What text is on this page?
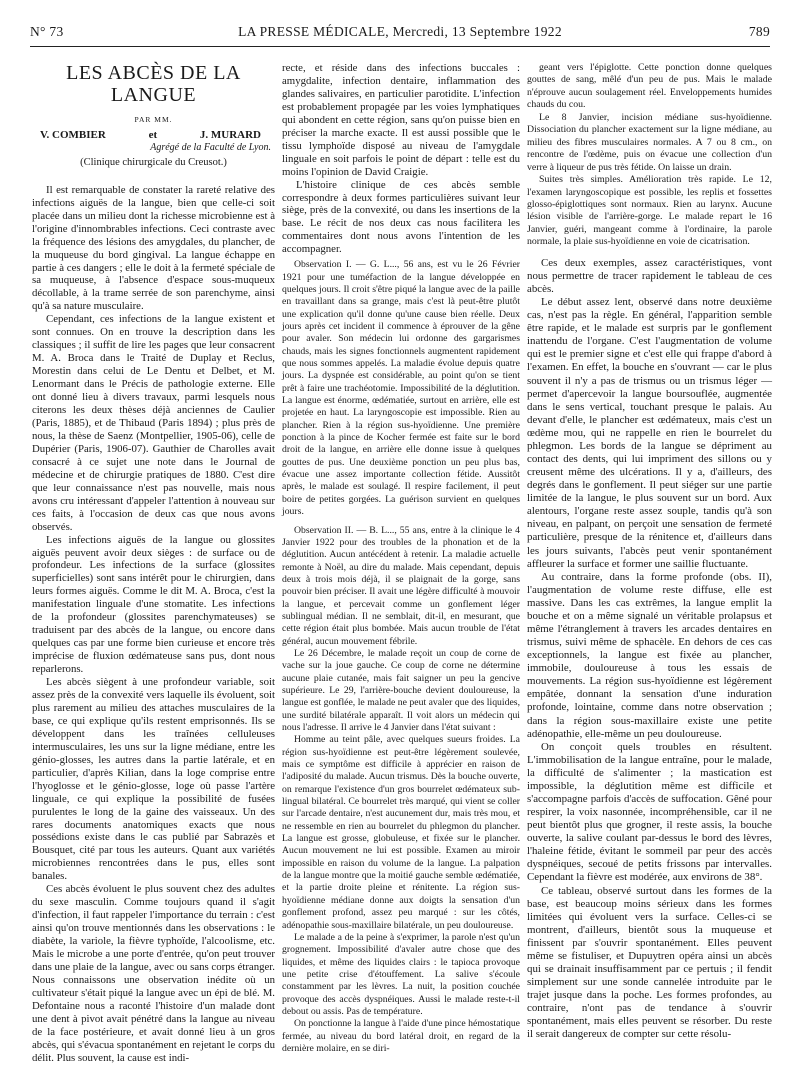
N° 73	LA PRESSE MÉDICALE, Mercredi, 13 Septembre 1922	789
LES ABCÈS DE LA LANGUE
PAR MM.
V. COMBIER	et	J. MURARD
Agrégé de la Faculté de Lyon.
(Clinique chirurgicale du Creusot.)

Il est remarquable de constater la rareté relative des infections aiguës de la langue, bien que celle-ci soit placée dans un milieu dont la richesse microbienne est à l'origine d'innombrables infections. Ceci contraste avec la fréquence des lésions des amygdales, du plancher, de la muqueuse du bord gingival. La langue échappe en partie à ces dangers ; elle le doit à la fermeté spéciale de sa muqueuse, à l'absence d'espace sous-muqueux décollable, à la trame serrée de son parenchyme, ainsi qu'à sa nature musculaire.

Cependant, ces infections de la langue existent et sont connues. On en trouve la description dans les classiques ; il suffit de lire les pages que leur consacrent M. A. Broca dans le Traité de Duplay et Reclus, Morestin dans celui de Le Dentu et Delbet, et M. Lenormant dans le Précis de pathologie externe. Elle ont donné lieu à divers travaux, parmi lesquels nous citerons les deux thèses déjà anciennes de Caulier (Paris, 1885), et de Thibaud (Paris 1894) ; plus près de nous, la thèse de Saenz (Montpellier, 1905-06), celle de Dupérier (Paris, 1906-07). Gauthier de Charolles avait consacré à ce sujet une note dans le Journal de médecine et de chirurgie pratiques de 1880. C'est dire que leur connaissance n'est pas nouvelle, mais nous avons cru intéressant d'appeler l'attention à nouveau sur ces faits, à l'occasion de deux cas que nous avons observés.

Les infections aiguës de la langue ou glossites aiguës peuvent avoir deux sièges : de surface ou de profondeur. Les infections de la surface (glossites superficielles) sont sans intérêt pour le chirurgien, dans leurs formes aiguës. Comme le dit M. A. Broca, c'est la manifestation linguale d'une stomatite. Les infections de la profondeur (glossites parenchymateuses) se traduisent par des abcès de la langue, ou encore dans quelques cas par une forme bien curieuse et encore très imprécise de fluxion œdémateuse sans pus, dont nous reparlerons.

Les abcès siègent à une profondeur variable, soit assez près de la convexité vers laquelle ils évoluent, soit plus rarement au milieu des attaches musculaires de la base, ce qui explique qu'ils restent emprisonnés. Ils se développent dans les traînées celluleuses intermusculaires, les uns sur la ligne médiane, entre les génio-glosses, les autres dans la partie latérale, et en particulier, d'après Kilian, dans la loge comprise entre l'hyoglosse et le génio-glosse, loge où passe l'artère linguale, ce qui explique la possibilité de fusées purulentes le long de la gaine des vaisseaux. Un des rares documents anatomiques exacts que nous possédions existe dans le cas publié par Sabrazès et Bousquet, cité par tous les auteurs. Quant aux variétés microbiennes rencontrées dans le pus, elles sont banales.

Ces abcès évoluent le plus souvent chez des adultes du sexe masculin. Comme toujours quand il s'agit d'infection, il faut rappeler l'importance du terrain : c'est ainsi qu'on trouve mentionnés dans les observations : le diabète, la variole, la fièvre typhoïde, l'alcoolisme, etc. Mais le microbe a une porte d'entrée, qu'on peut trouver dans une plaie de la langue, avec ou sans corps étranger. Nous connaissons une observation inédite où un cultivateur s'était piqué la langue avec un épi de blé. M. Defontaine nous a raconté l'histoire d'un malade dont une dent à pivot avait pénétré dans la langue au niveau de la face postérieure, et avait donné lieu à un gros abcès, qui s'évacua spontanément en rejetant le corps du délit. Plus souvent, la cause est indi-

recte, et réside dans des infections buccales : amygdalite, infection dentaire, inflammation des glandes salivaires, en particulier parotidite. L'infection est probablement propagée par les voies lymphatiques qui abondent en cette région, sans qu'on puisse bien en préciser la marche exacte. Il est aussi possible que le tissu lymphoïde disposé au niveau de l'amygdale linguale en soit parfois le point de départ : telle est du moins l'opinion de David Craigie.

L'histoire clinique de ces abcès semble correspondre à deux formes particulières suivant leur siège, près de la convexité, ou dans les insertions de la base. Le récit de nos deux cas nous facilitera les commentaires dont nous avons l'intention de les accompagner.

Observation I. — G. L..., 56 ans, est vu le 26 Février 1921 pour une tuméfaction de la langue développée en quelques jours. Il croit s'être piqué la langue avec de la paille en travaillant dans sa grange, mais c'est là peut-être plutôt une explication qu'il donne qu'une cause bien réelle. Deux jours après cet incident il commence à éprouver de la gêne pour avaler. Son médecin lui ordonne des gargarismes chauds, mais les signes fonctionnels augmentent rapidement que nous sommes appelés. La maladie évolue depuis quatre jours. La dyspnée est considérable, au point qu'on se tient prêt à faire une trachéotomie. Impossibilité de la déglutition. La langue est énorme, œdématiée, surtout en arrière, elle est projetée en haut. La laryngoscopie est impossible. Rien au plancher. Rien à la région sus-hyoïdienne. Une première ponction à la pince de Kocher fermée est faite sur le bord droit de la langue, en arrière elle donne issue à quelques gouttes de pus. Une deuxième ponction un peu plus bas, évacue une assez importante collection fétide. Aussitôt après, le malade est soulagé. Il respire facilement, il peut boire de petites gorgées. La guérison survient en quelques jours.

Observation II. — B. L..., 55 ans, entre à la clinique le 4 Janvier 1922 pour des troubles de la phonation et de la déglutition. Aucun antécédent à retenir. La maladie actuelle remonte à Noël, au dire du malade. Mais cependant, depuis deux à trois mois déjà, il se plaignait de la gorge, sans pouvoir bien préciser. Il avait une légère difficulté à mouvoir la langue, et percevait comme un gonflement léger sublingual médian. Il ne semblait, dit-il, en mesurant, que cette région était plus bombée. Mais aucun trouble de l'état général, aucun mouvement fébrile.

Le 26 Décembre, le malade reçoit un coup de corne de vache sur la joue gauche. Ce coup de corne ne détermine aucune plaie cutanée, mais fait saigner un peu la gencive supérieure. Le 29, l'arrière-bouche devient douloureuse, la langue est gonflée, le malade ne peut avaler que des liquides, une surdité bilatérale apparaît. Il voit alors un médecin qui nous l'adresse. Il arrive le 4 Janvier dans l'état suivant :

Homme au teint pâle, avec quelques sueurs froides. La région sus-hyoïdienne est peut-être légèrement soulevée, mais ce symptôme est difficile à apprécier en raison de l'adiposité du malade. Aucun trismus. Dès la bouche ouverte, on remarque l'existence d'un gros bourrelet œdémateux sub-lingual bilatéral. Ce bourrelet très marqué, qui vient se coller sur l'arcade dentaire, n'est aucunement dur, mais très mou, et ne ressemble en rien au bourrelet du phlegmon du plancher. La langue est grosse, globuleuse, et fixée sur le plancher. Aucun mouvement ne lui est possible. Examen au miroir impossible en raison du volume de la langue. La palpation de la langue montre que la moitié gauche semble œdématiée, et la partie droite pleine et rénitente. La région sus-hyoïdienne médiane donne aux doigts la sensation d'un gonflement profond, assez peu marqué : sur les côtés, adénopathie sous-maxillaire bilatérale, un peu douloureuse.

Le malade a de la peine à s'exprimer, la parole n'est qu'un grognement. Impossibilité d'avaler autre chose que des liquides, et même des liquides clairs : le tapioca provoque une petite crise d'étouffement. La salive s'écoule constamment par les lèvres. La nuit, la position couchée provoque des accès dyspnéiques. Aussi le malade reste-t-il debout ou assis. Pas de température.

On ponctionne la langue à l'aide d'une pince hémostatique fermée, au niveau du bord latéral droit, en regard de la dernière molaire, en se diri-

geant vers l'épiglotte. Cette ponction donne quelques gouttes de sang, mêlé d'un peu de pus. Mais le malade n'éprouve aucun soulagement réel. Enveloppements humides chauds du cou.

Le 8 Janvier, incision médiane sus-hyoïdienne. Dissociation du plancher exactement sur la ligne médiane, au milieu des fibres musculaires normales. A 7 ou 8 cm., on rencontre de l'œdème, puis on évacue une collection d'un verre à liqueur de pus très fétide. On laisse un drain.

Suites très simples. Amélioration très rapide. Le 12, l'examen laryngoscopique est possible, les replis et fossettes glosso-épiglottiques sont normaux. Rien au larynx. Aucune lésion visible de l'arrière-gorge. Le malade repart le 16 Janvier, guéri, mangeant comme à l'ordinaire, la parole normale, la plaie sus-hyoïdienne en voie de cicatrisation.

Ces deux exemples, assez caractéristiques, vont nous permettre de tracer rapidement le tableau de ces abcès.

Le début assez lent, observé dans notre deuxième cas, n'est pas la règle. En général, l'apparition semble être rapide, et le malade est surpris par le gonflement inattendu de l'organe. C'est l'augmentation de volume qui est le premier signe et c'est elle qui frappe d'abord à l'examen. En effet, la bouche en s'ouvrant — car le plus souvent il n'y a pas de trismus ou un trismus léger — permet d'apercevoir la langue boursouflée, augmentée dans le sens vertical, touchant presque le palais. Au devant d'elle, le plancher est œdémateux, mais c'est un œdème mou, qui ne rappelle en rien le bourrelet du phlegmon. Les bords de la langue se dépriment au contact des dents, qui lui impriment des sillons ou y creusent même des ulcérations. Il y a, d'ailleurs, des degrés dans le gonflement. Il peut siéger sur une partie limitée de la langue, le plus souvent sur un bord. Aux alentours, l'organe reste assez souple, tandis qu'à son niveau, en palpant, on perçoit une sensation de fermeté particulière, presque de la rénitence et, d'ailleurs dans les jours suivants, l'abcès peut venir spontanément affleurer la surface et former une saillie fluctuante.

Au contraire, dans la forme profonde (obs. II), l'augmentation de volume reste diffuse, elle est massive. Dans les cas extrêmes, la langue emplit la bouche et on a même signalé un véritable prolapsus et même l'étranglement à travers les arcades dentaires en trismus, suivi même de sphacèle. En dehors de ces cas exceptionnels, la langue est fixée au plancher, immobile, douloureuse à tous les essais de mouvements. La région sus-hyoïdienne est légèrement empâtée, donnant la sensation d'une induration profonde, lointaine, comme dans notre observation ; dans la région sous-maxillaire existe une petite adénopathie, elle-même un peu douloureuse.

On conçoit quels troubles en résultent. L'immobilisation de la langue entraîne, pour le malade, la difficulté de s'alimenter ; la mastication est impossible, la déglutition même est difficile et s'accompagne parfois d'accès de suffocation. Gêné pour respirer, la voix nasonnée, incompréhensible, car il ne peut bientôt plus que grogner, il reste assis, la bouche ouverte, la salive coulant par-dessus le bord des lèvres, l'haleine fétide, évitant le sommeil par peur des accès dyspnéiques, secoué de petits frissons par intervalles. Cependant la fièvre est modérée, aux environs de 38°.

Ce tableau, observé surtout dans les formes de la base, est beaucoup moins sérieux dans les formes limitées qui évoluent vers la surface. Celles-ci se montrent, d'ailleurs, bientôt sous la muqueuse et finissent par s'ouvrir spontanément. Elles peuvent même se fistuliser, et Dupuytren opéra ainsi un abcès qui se drainait insuffisamment par ce pertuis ; il fendit simplement sur une sonde cannelée introduite par le trajet jusque dans la poche. Les formes profondes, au contraire, n'ont pas de tendance à s'ouvrir spontanément, mais elles peuvent se résorber. Du reste il serait dangereux de compter sur cette résolu-
